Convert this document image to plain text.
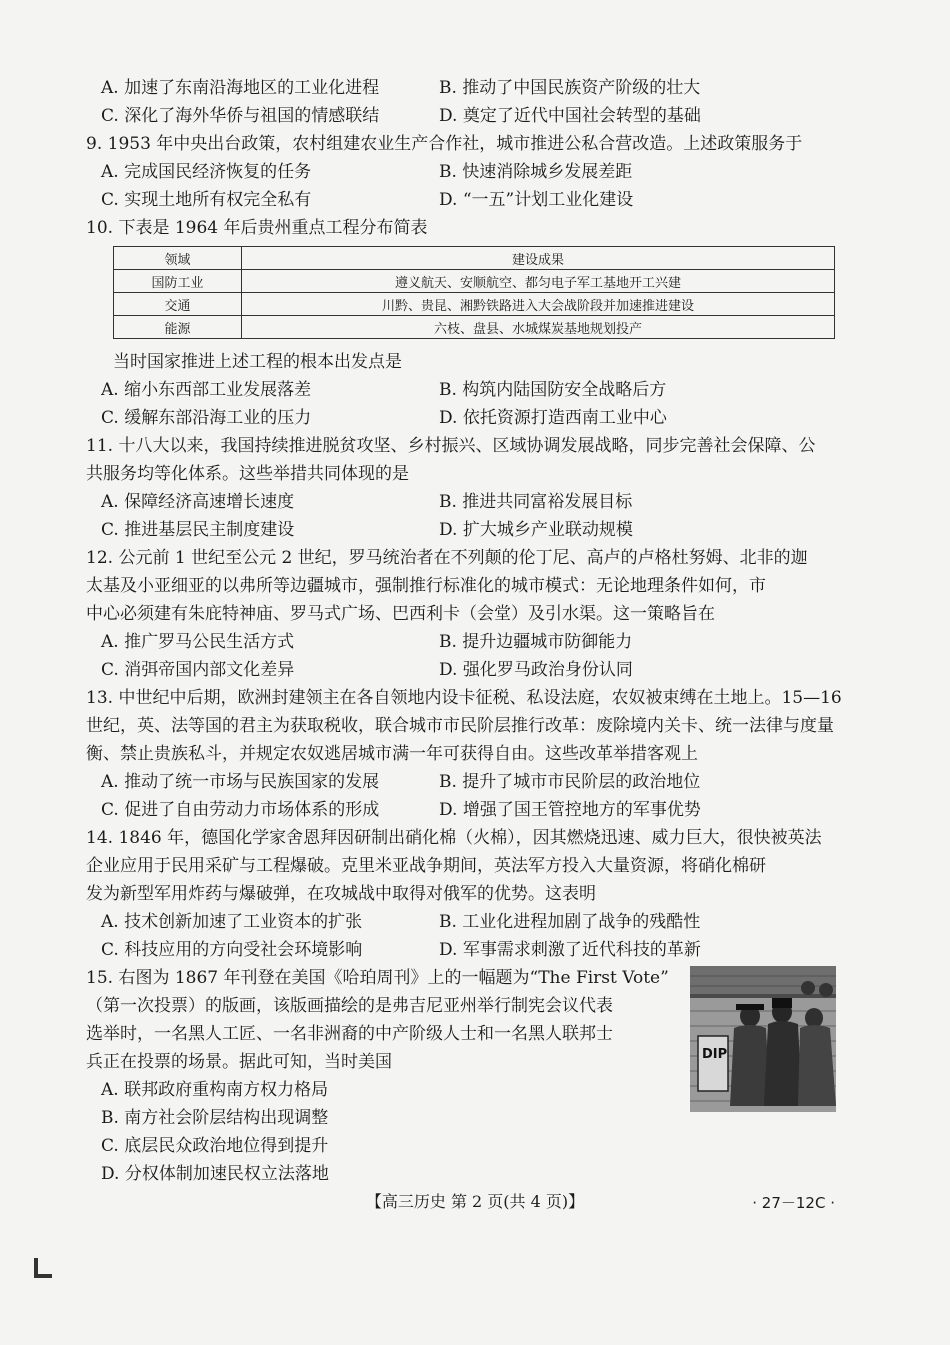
A. 加速了东南沿海地区的工业化进程	B. 推动了中国民族资产阶级的壮大
C. 深化了海外华侨与祖国的情感联结	D. 奠定了近代中国社会转型的基础
9. 1953 年中央出台政策，农村组建农业生产合作社，城市推进公私合营改造。上述政策服务于
A. 完成国民经济恢复的任务	B. 快速消除城乡发展差距
C. 实现土地所有权完全私有	D. “一五”计划工业化建设
10. 下表是 1964 年后贵州重点工程分布简表
领域	建设成果
国防工业	遵义航天、安顺航空、都匀电子军工基地开工兴建
交通	川黔、贵昆、湘黔铁路进入大会战阶段并加速推进建设
能源	六枝、盘县、水城煤炭基地规划投产
当时国家推进上述工程的根本出发点是
A. 缩小东西部工业发展落差	B. 构筑内陆国防安全战略后方
C. 缓解东部沿海工业的压力	D. 依托资源打造西南工业中心
11. 十八大以来，我国持续推进脱贫攻坚、乡村振兴、区域协调发展战略，同步完善社会保障、公
共服务均等化体系。这些举措共同体现的是
A. 保障经济高速增长速度	B. 推进共同富裕发展目标
C. 推进基层民主制度建设	D. 扩大城乡产业联动规模
12. 公元前 1 世纪至公元 2 世纪，罗马统治者在不列颠的伦丁尼、高卢的卢格杜努姆、北非的迦
太基及小亚细亚的以弗所等边疆城市，强制推行标准化的城市模式：无论地理条件如何，市
中心必须建有朱庇特神庙、罗马式广场、巴西利卡（会堂）及引水渠。这一策略旨在
A. 推广罗马公民生活方式	B. 提升边疆城市防御能力
C. 消弭帝国内部文化差异	D. 强化罗马政治身份认同
13. 中世纪中后期，欧洲封建领主在各自领地内设卡征税、私设法庭，农奴被束缚在土地上。15—16
世纪，英、法等国的君主为获取税收，联合城市市民阶层推行改革：废除境内关卡、统一法律与度量
衡、禁止贵族私斗，并规定农奴逃居城市满一年可获得自由。这些改革举措客观上
A. 推动了统一市场与民族国家的发展	B. 提升了城市市民阶层的政治地位
C. 促进了自由劳动力市场体系的形成	D. 增强了国王管控地方的军事优势
14. 1846 年，德国化学家舍恩拜因研制出硝化棉（火棉），因其燃烧迅速、威力巨大，很快被英法
企业应用于民用采矿与工程爆破。克里米亚战争期间，英法军方投入大量资源，将硝化棉研
发为新型军用炸药与爆破弹，在攻城战中取得对俄军的优势。这表明
A. 技术创新加速了工业资本的扩张	B. 工业化进程加剧了战争的残酷性
C. 科技应用的方向受社会环境影响	D. 军事需求刺激了近代科技的革新
15. 右图为 1867 年刊登在美国《哈珀周刊》上的一幅题为“The First Vote”
（第一次投票）的版画，该版画描绘的是弗吉尼亚州举行制宪会议代表
选举时，一名黑人工匠、一名非洲裔的中产阶级人士和一名黑人联邦士
兵正在投票的场景。据此可知，当时美国
A. 联邦政府重构南方权力格局
B. 南方社会阶层结构出现调整
C. 底层民众政治地位得到提升
D. 分权体制加速民权立法落地
DIP
【高三历史 第 2 页(共 4 页)】	· 27－12C ·
